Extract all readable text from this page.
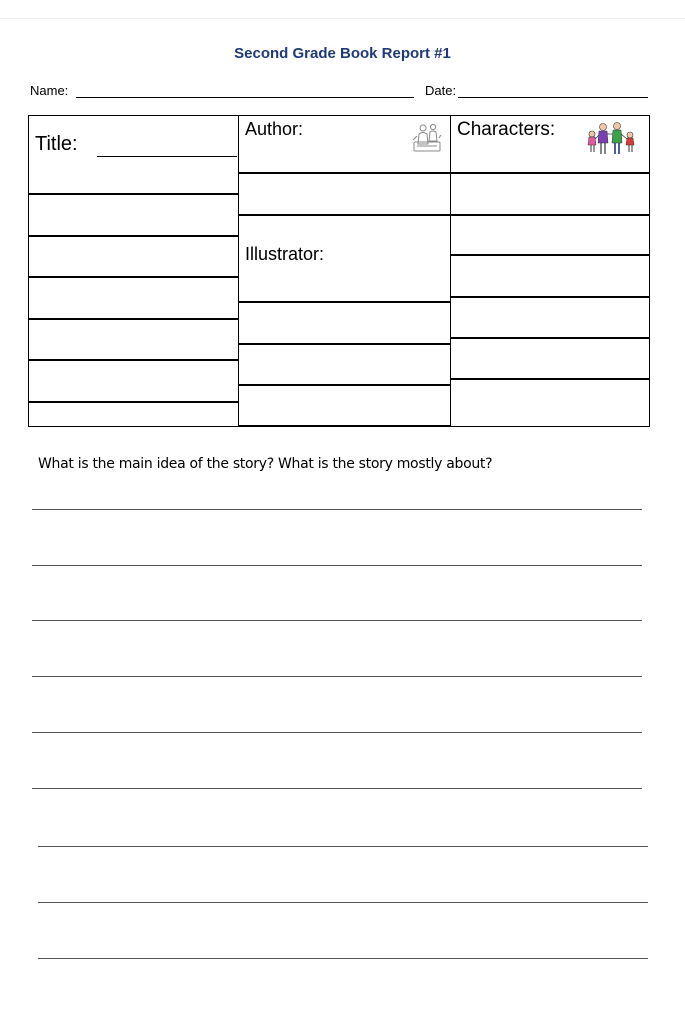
Second Grade Book Report #1
Name:	Date:
Title:
Author:
Illustrator:
Characters:
What is the main idea of the story? What is the story mostly about?
